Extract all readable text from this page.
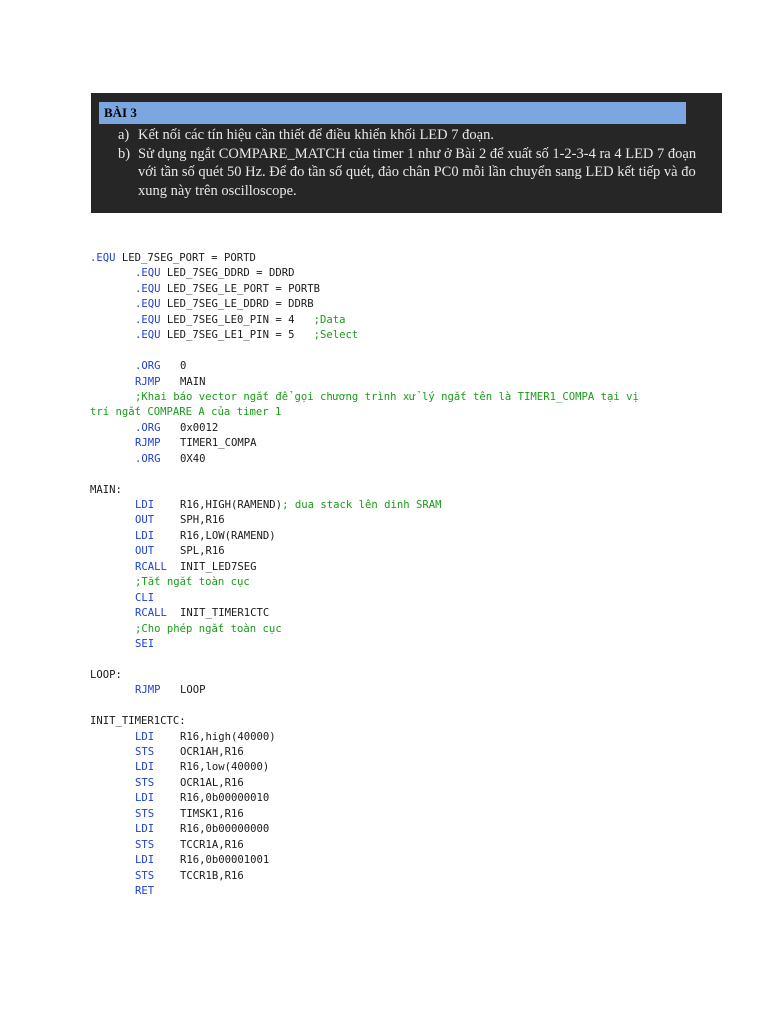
BÀI 3
a) Kết nối các tín hiệu cần thiết để điều khiển khối LED 7 đoạn.
b) Sử dụng ngắt COMPARE_MATCH của timer 1 như ở Bài 2 để xuất số 1-2-3-4 ra 4 LED 7 đoạn với tần số quét 50 Hz. Để đo tần số quét, đảo chân PC0 mỗi lần chuyển sang LED kết tiếp và đo xung này trên oscilloscope.
.EQU LED_7SEG_PORT = PORTD
.EQU LED_7SEG_DDRD = DDRD
.EQU LED_7SEG_LE_PORT = PORTB
.EQU LED_7SEG_LE_DDRD = DDRB
.EQU LED_7SEG_LE0_PIN = 4   ;Data
.EQU LED_7SEG_LE1_PIN = 5   ;Select

.ORG 0
RJMP MAIN
;Khai báo vector ngắt để gọi chương trình xử lý ngắt tên là TIMER1_COMPA tại vị
trí ngắt COMPARE A của timer 1
.ORG 0x0012
RJMP TIMER1_COMPA
.ORG 0X40

MAIN:
LDI R16,HIGH(RAMEND); dua stack lên dinh SRAM
OUT SPH,R16
LDI R16,LOW(RAMEND)
OUT SPL,R16
RCALL INIT_LED7SEG
;Tắt ngắt toàn cục
CLI
RCALL INIT_TIMER1CTC
;Cho phép ngắt toàn cục
SEI

LOOP:
RJMP LOOP

INIT_TIMER1CTC:
LDI R16,high(40000)
STS OCR1AH,R16
LDI R16,low(40000)
STS OCR1AL,R16
LDI R16,0b00000010
STS TIMSK1,R16
LDI R16,0b00000000
STS TCCR1A,R16
LDI R16,0b00001001
STS TCCR1B,R16
RET
